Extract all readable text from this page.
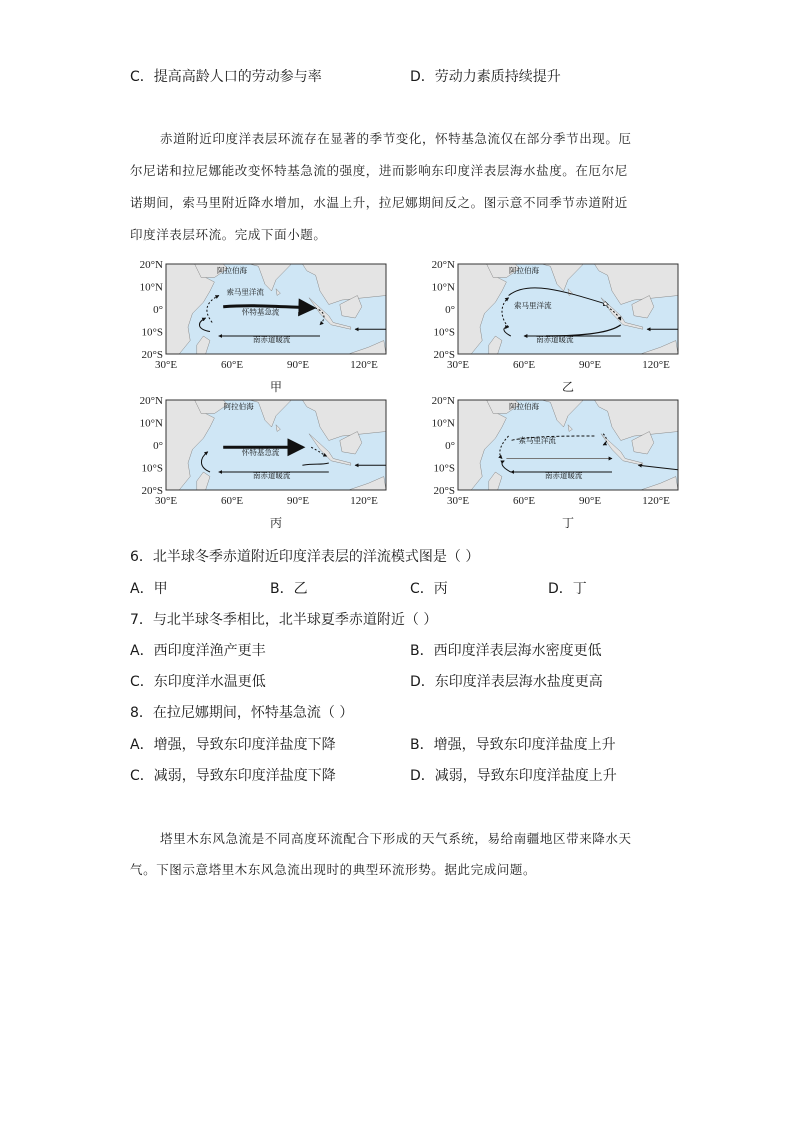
C．提高高龄人口的劳动参与率	D．劳动力素质持续提升
赤道附近印度洋表层环流存在显著的季节变化，怀特基急流仅在部分季节出现。厄
尔尼诺和拉尼娜能改变怀特基急流的强度，进而影响东印度洋表层海水盐度。在厄尔尼
诺期间，索马里附近降水增加，水温上升，拉尼娜期间反之。图示意不同季节赤道附近
印度洋表层环流。完成下面小题。
20°N
10°N
0°
10°S
20°S
30°E	60°E	90°E	120°E
阿拉伯海
南赤道暖流
索马里洋流
怀特基急流
甲
20°N
10°N
0°
10°S
20°S
30°E	60°E	90°E	120°E
阿拉伯海
南赤道暖流
索马里洋流
乙
20°N
10°N
0°
10°S
20°S
30°E	60°E	90°E	120°E
阿拉伯海
南赤道暖流
怀特基急流
丙
20°N
10°N
0°
10°S
20°S
30°E	60°E	90°E	120°E
阿拉伯海
南赤道暖流
索马里洋流
丁
6．北半球冬季赤道附近印度洋表层的洋流模式图是（ ）
A．甲	B．乙	C．丙	D．丁
7．与北半球冬季相比，北半球夏季赤道附近（ ）
A．西印度洋渔产更丰	B．西印度洋表层海水密度更低
C．东印度洋水温更低	D．东印度洋表层海水盐度更高
8．在拉尼娜期间，怀特基急流（ ）
A．增强，导致东印度洋盐度下降	B．增强，导致东印度洋盐度上升
C．减弱，导致东印度洋盐度下降	D．减弱，导致东印度洋盐度上升
塔里木东风急流是不同高度环流配合下形成的天气系统，易给南疆地区带来降水天
气。下图示意塔里木东风急流出现时的典型环流形势。据此完成问题。
